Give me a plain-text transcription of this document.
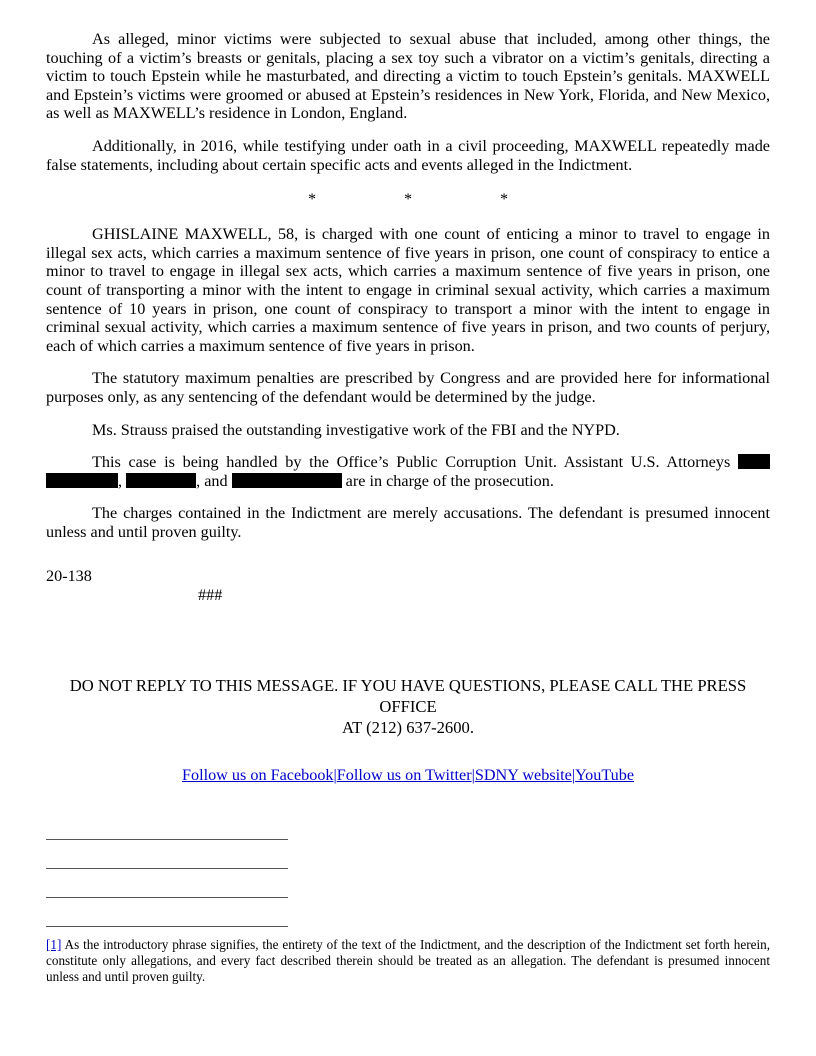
As alleged, minor victims were subjected to sexual abuse that included, among other things, the touching of a victim’s breasts or genitals, placing a sex toy such a vibrator on a victim’s genitals, directing a victim to touch Epstein while he masturbated, and directing a victim to touch Epstein’s genitals. MAXWELL and Epstein’s victims were groomed or abused at Epstein’s residences in New York, Florida, and New Mexico, as well as MAXWELL’s residence in London, England.

Additionally, in 2016, while testifying under oath in a civil proceeding, MAXWELL repeatedly made false statements, including about certain specific acts and events alleged in the Indictment.

*	*	*

GHISLAINE MAXWELL, 58, is charged with one count of enticing a minor to travel to engage in illegal sex acts, which carries a maximum sentence of five years in prison, one count of conspiracy to entice a minor to travel to engage in illegal sex acts, which carries a maximum sentence of five years in prison, one count of transporting a minor with the intent to engage in criminal sexual activity, which carries a maximum sentence of 10 years in prison, one count of conspiracy to transport a minor with the intent to engage in criminal sexual activity, which carries a maximum sentence of five years in prison, and two counts of perjury, each of which carries a maximum sentence of five years in prison.

The statutory maximum penalties are prescribed by Congress and are provided here for informational purposes only, as any sentencing of the defendant would be determined by the judge.

Ms. Strauss praised the outstanding investigative work of the FBI and the NYPD.

This case is being handled by the Office’s Public Corruption Unit. Assistant U.S. Attorneys ,	, and	are in charge of the prosecution.

The charges contained in the Indictment are merely accusations. The defendant is presumed innocent unless and until proven guilty.

20-138
###
DO NOT REPLY TO THIS MESSAGE. IF YOU HAVE QUESTIONS, PLEASE CALL THE PRESS OFFICE
AT (212) 637-2600.
Follow us on Facebook|Follow us on Twitter|SDNY website|YouTube

[1] As the introductory phrase signifies, the entirety of the text of the Indictment, and the description of the Indictment set forth herein, constitute only allegations, and every fact described therein should be treated as an allegation. The defendant is presumed innocent unless and until proven guilty.
